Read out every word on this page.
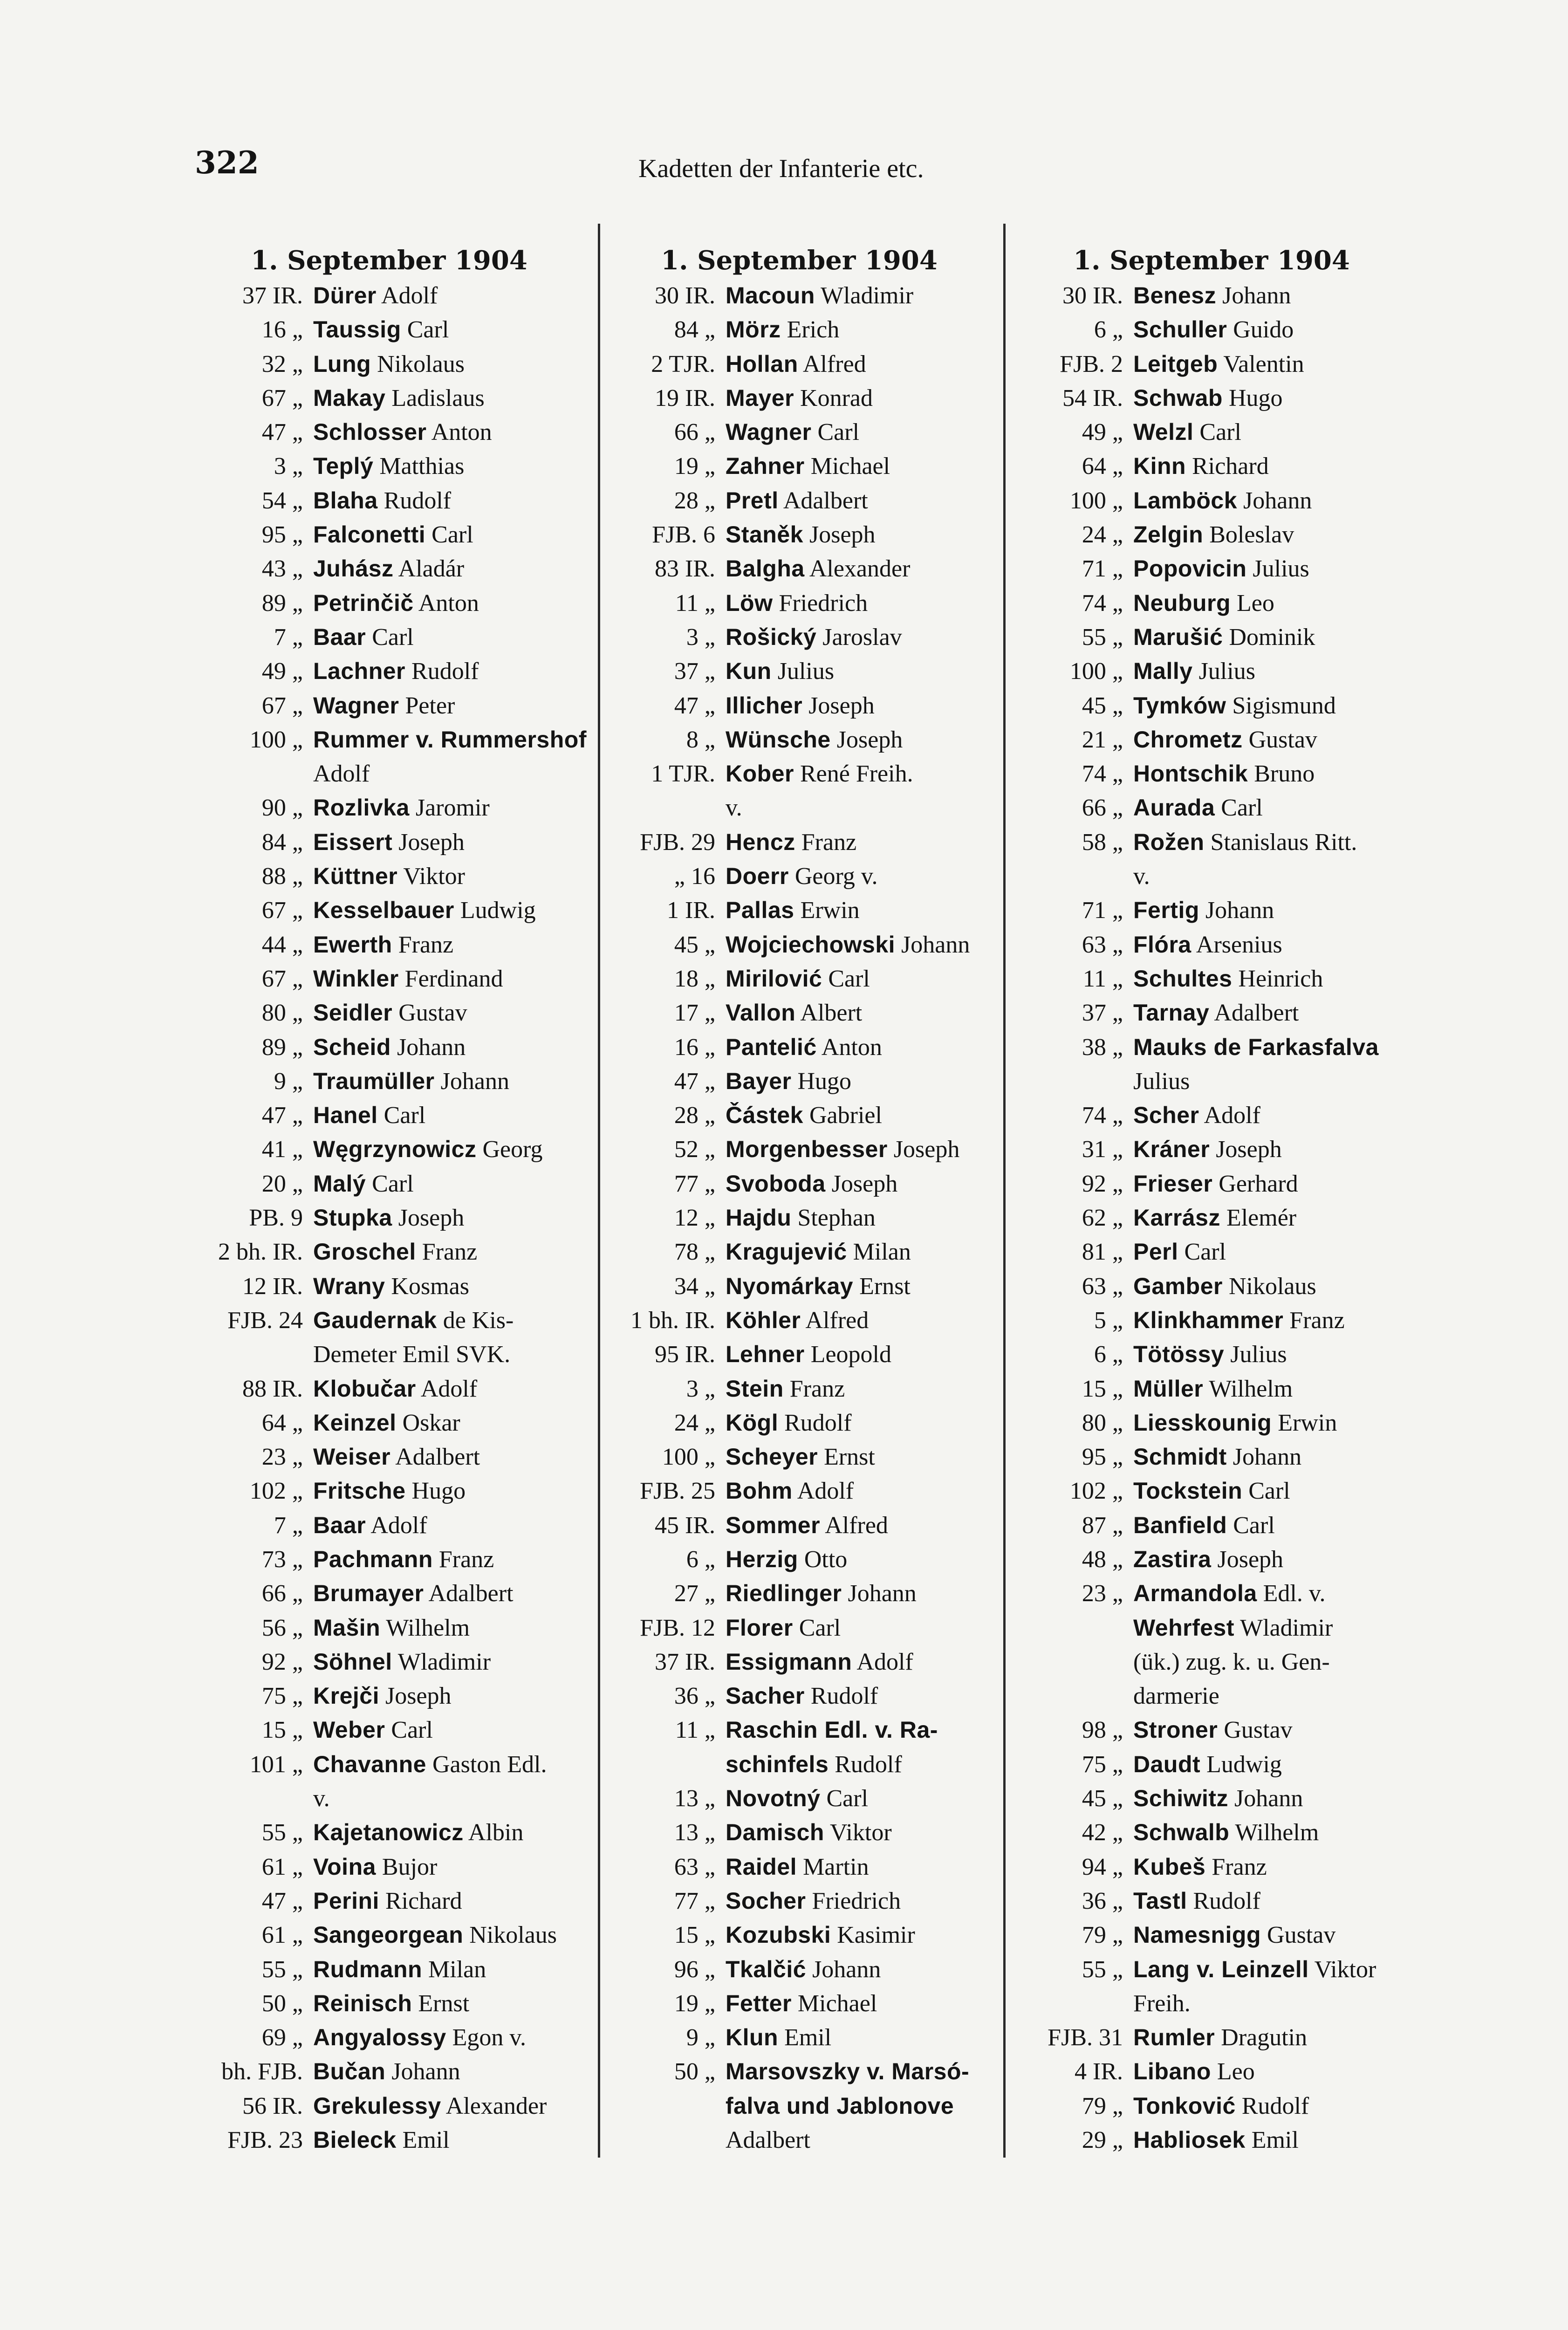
322	Kadetten der Infanterie etc.
1. September 1904
37 IR. Dürer Adolf
16 „ Taussig Carl
32 „ Lung Nikolaus
67 „ Makay Ladislaus
47 „ Schlosser Anton
3 „ Teplý Matthias
54 „ Blaha Rudolf
95 „ Falconetti Carl
43 „ Juhász Aladár
89 „ Petrinčič Anton
7 „ Baar Carl
49 „ Lachner Rudolf
67 „ Wagner Peter
100 „ Rummer v. Rummershof
Adolf
90 „ Rozlivka Jaromir
84 „ Eissert Joseph
88 „ Küttner Viktor
67 „ Kesselbauer Ludwig
44 „ Ewerth Franz
67 „ Winkler Ferdinand
80 „ Seidler Gustav
89 „ Scheid Johann
9 „ Traumüller Johann
47 „ Hanel Carl
41 „ Węgrzynowicz Georg
20 „ Malý Carl
PB. 9 Stupka Joseph
2 bh. IR. Groschel Franz
12 IR. Wrany Kosmas
FJB. 24 Gaudernak de Kis-
Demeter Emil SVK.
88 IR. Klobučar Adolf
64 „ Keinzel Oskar
23 „ Weiser Adalbert
102 „ Fritsche Hugo
7 „ Baar Adolf
73 „ Pachmann Franz
66 „ Brumayer Adalbert
56 „ Mašin Wilhelm
92 „ Söhnel Wladimir
75 „ Krejči Joseph
15 „ Weber Carl
101 „ Chavanne Gaston Edl.
v.
55 „ Kajetanowicz Albin
61 „ Voina Bujor
47 „ Perini Richard
61 „ Sangeorgean Nikolaus
55 „ Rudmann Milan
50 „ Reinisch Ernst
69 „ Angyalossy Egon v.
bh. FJB. Bučan Johann
56 IR. Grekulessy Alexander
FJB. 23 Bieleck Emil
1. September 1904
30 IR. Macoun Wladimir
84 „ Mörz Erich
2 TJR. Hollan Alfred
19 IR. Mayer Konrad
66 „ Wagner Carl
19 „ Zahner Michael
28 „ Pretl Adalbert
FJB. 6 Staněk Joseph
83 IR. Balgha Alexander
11 „ Löw Friedrich
3 „ Rošický Jaroslav
37 „ Kun Julius
47 „ Illicher Joseph
8 „ Wünsche Joseph
1 TJR. Kober René Freih.
v.
FJB. 29 Hencz Franz
„ 16 Doerr Georg v.
1 IR. Pallas Erwin
45 „ Wojciechowski Johann
18 „ Mirilović Carl
17 „ Vallon Albert
16 „ Pantelić Anton
47 „ Bayer Hugo
28 „ Částek Gabriel
52 „ Morgenbesser Joseph
77 „ Svoboda Joseph
12 „ Hajdu Stephan
78 „ Kragujević Milan
34 „ Nyomárkay Ernst
1 bh. IR. Köhler Alfred
95 IR. Lehner Leopold
3 „ Stein Franz
24 „ Kögl Rudolf
100 „ Scheyer Ernst
FJB. 25 Bohm Adolf
45 IR. Sommer Alfred
6 „ Herzig Otto
27 „ Riedlinger Johann
FJB. 12 Florer Carl
37 IR. Essigmann Adolf
36 „ Sacher Rudolf
11 „ Raschin Edl. v. Ra-
schinfels Rudolf
13 „ Novotný Carl
13 „ Damisch Viktor
63 „ Raidel Martin
77 „ Socher Friedrich
15 „ Kozubski Kasimir
96 „ Tkalčić Johann
19 „ Fetter Michael
9 „ Klun Emil
50 „ Marsovszky v. Marsó-
falva und Jablonove
Adalbert
1. September 1904
30 IR. Benesz Johann
6 „ Schuller Guido
FJB. 2 Leitgeb Valentin
54 IR. Schwab Hugo
49 „ Welzl Carl
64 „ Kinn Richard
100 „ Lamböck Johann
24 „ Zelgin Boleslav
71 „ Popovicin Julius
74 „ Neuburg Leo
55 „ Marušić Dominik
100 „ Mally Julius
45 „ Tymków Sigismund
21 „ Chrometz Gustav
74 „ Hontschik Bruno
66 „ Aurada Carl
58 „ Rožen Stanislaus Ritt.
v.
71 „ Fertig Johann
63 „ Flóra Arsenius
11 „ Schultes Heinrich
37 „ Tarnay Adalbert
38 „ Mauks de Farkasfalva
Julius
74 „ Scher Adolf
31 „ Kráner Joseph
92 „ Frieser Gerhard
62 „ Karrász Elemér
81 „ Perl Carl
63 „ Gamber Nikolaus
5 „ Klinkhammer Franz
6 „ Tötössy Julius
15 „ Müller Wilhelm
80 „ Liesskounig Erwin
95 „ Schmidt Johann
102 „ Tockstein Carl
87 „ Banfield Carl
48 „ Zastira Joseph
23 „ Armandola Edl. v.
Wehrfest Wladimir
(ük.) zug. k. u. Gen-
darmerie
98 „ Stroner Gustav
75 „ Daudt Ludwig
45 „ Schiwitz Johann
42 „ Schwalb Wilhelm
94 „ Kubeš Franz
36 „ Tastl Rudolf
79 „ Namesnigg Gustav
55 „ Lang v. Leinzell Viktor
Freih.
FJB. 31 Rumler Dragutin
4 IR. Libano Leo
79 „ Tonković Rudolf
29 „ Habliosek Emil
